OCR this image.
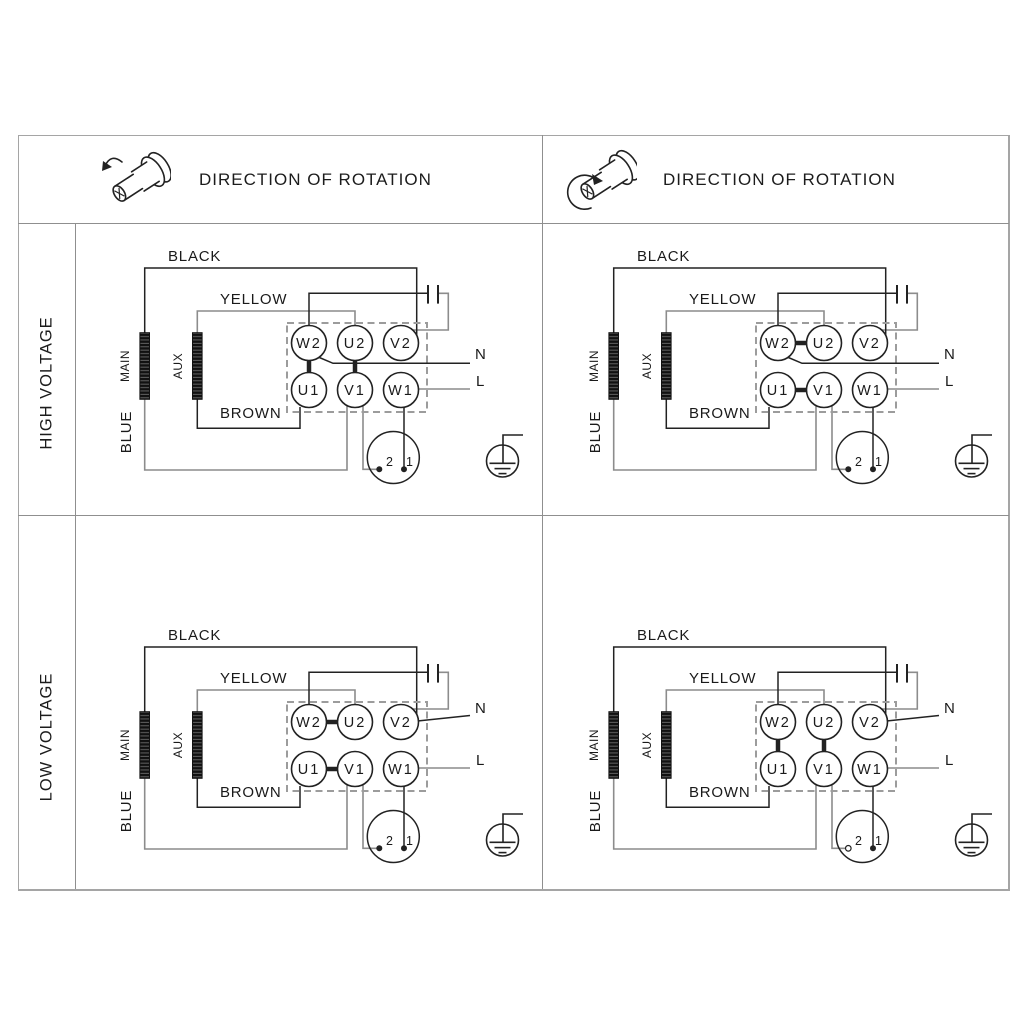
DIRECTION OF ROTATION	DIRECTION OF ROTATION
HIGH VOLTAGE
LOW VOLTAGE
N
L
W2 U2 V2
U1 V1 W1
MAIN	AUX
BLACK
YELLOW
BROWN
BLUE
2 1
N
L
W2 U2 V2
U1 V1 W1
MAIN	AUX
BLACK
YELLOW
BROWN
BLUE
2 1
N
L
W2 U2 V2
U1 V1 W1
MAIN	AUX
BLACK
YELLOW
BROWN
BLUE
2 1
N
L
W2 U2 V2
U1 V1 W1
MAIN	AUX
BLACK
YELLOW
BROWN
BLUE
2 1
